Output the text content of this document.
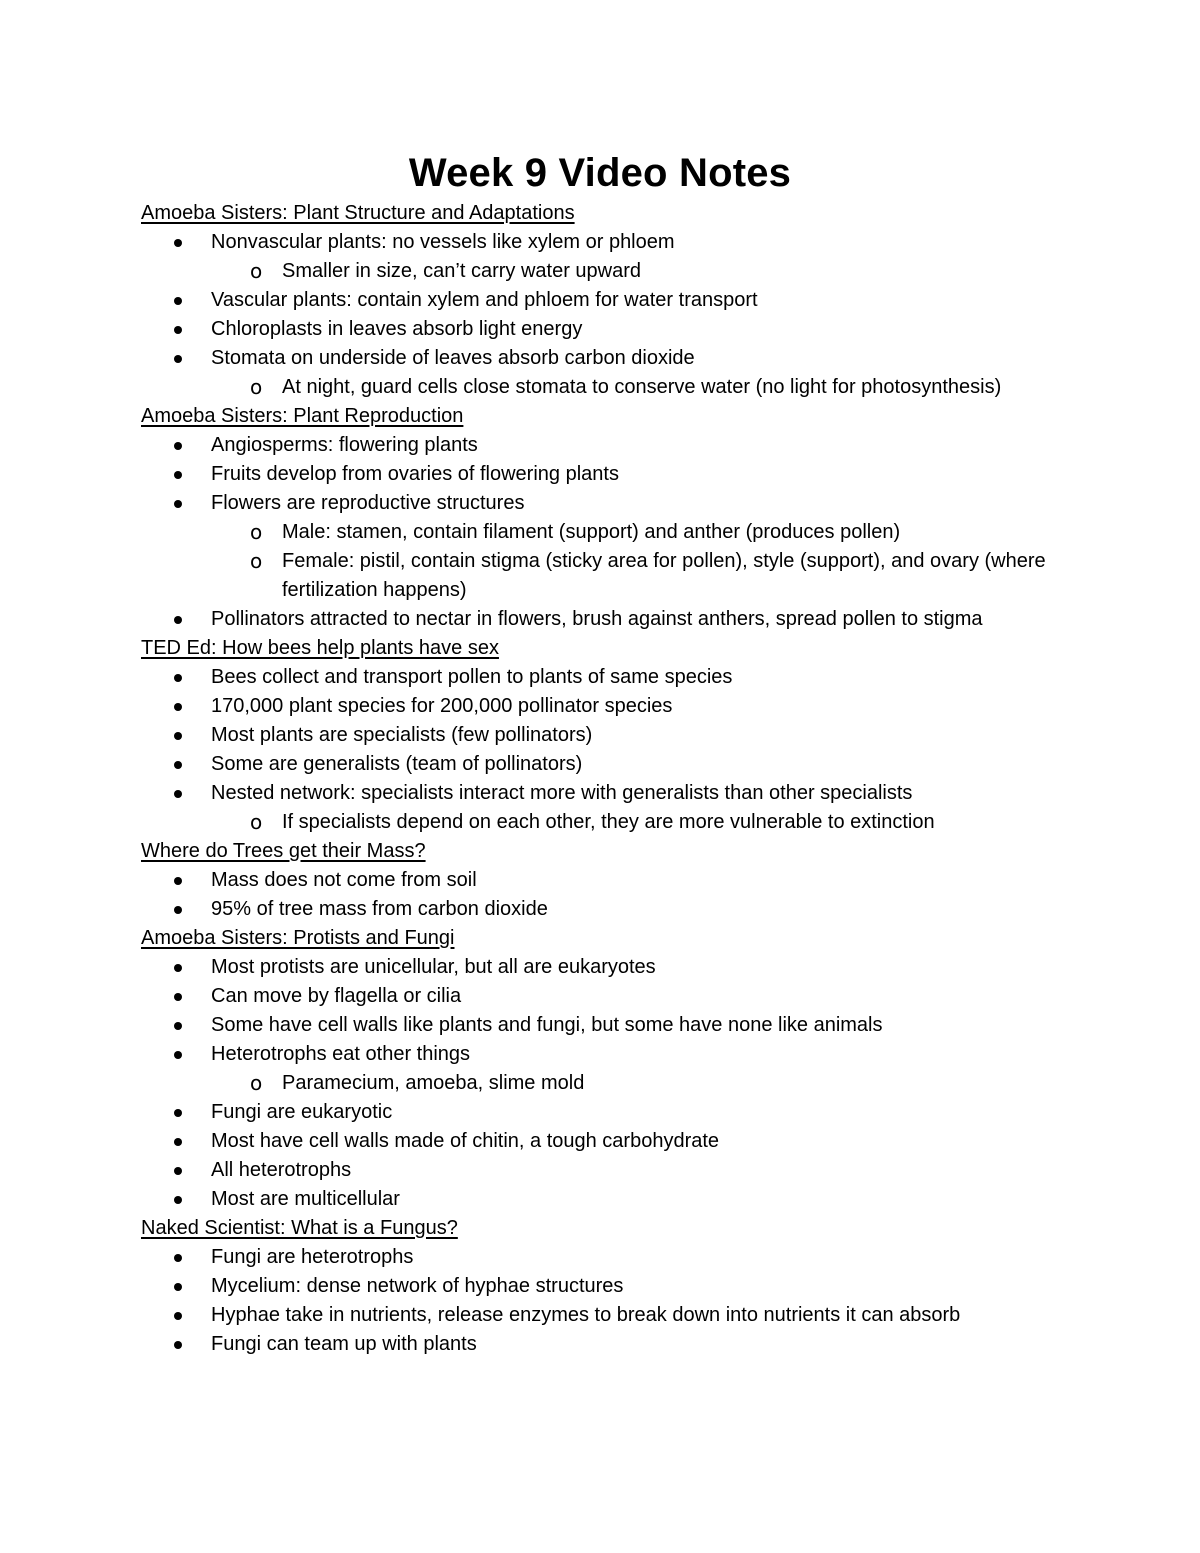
Week 9 Video Notes
Amoeba Sisters: Plant Structure and Adaptations
Nonvascular plants: no vessels like xylem or phloem
o Smaller in size, can’t carry water upward
Vascular plants: contain xylem and phloem for water transport
Chloroplasts in leaves absorb light energy
Stomata on underside of leaves absorb carbon dioxide
o At night, guard cells close stomata to conserve water (no light for photosynthesis)
Amoeba Sisters: Plant Reproduction
Angiosperms: flowering plants
Fruits develop from ovaries of flowering plants
Flowers are reproductive structures
o Male: stamen, contain filament (support) and anther (produces pollen)
o Female: pistil, contain stigma (sticky area for pollen), style (support), and ovary (where fertilization happens)
Pollinators attracted to nectar in flowers, brush against anthers, spread pollen to stigma
TED Ed: How bees help plants have sex
Bees collect and transport pollen to plants of same species
170,000 plant species for 200,000 pollinator species
Most plants are specialists (few pollinators)
Some are generalists (team of pollinators)
Nested network: specialists interact more with generalists than other specialists
o If specialists depend on each other, they are more vulnerable to extinction
Where do Trees get their Mass?
Mass does not come from soil
95% of tree mass from carbon dioxide
Amoeba Sisters: Protists and Fungi
Most protists are unicellular, but all are eukaryotes
Can move by flagella or cilia
Some have cell walls like plants and fungi, but some have none like animals
Heterotrophs eat other things
o Paramecium, amoeba, slime mold
Fungi are eukaryotic
Most have cell walls made of chitin, a tough carbohydrate
All heterotrophs
Most are multicellular
Naked Scientist: What is a Fungus?
Fungi are heterotrophs
Mycelium: dense network of hyphae structures
Hyphae take in nutrients, release enzymes to break down into nutrients it can absorb
Fungi can team up with plants
